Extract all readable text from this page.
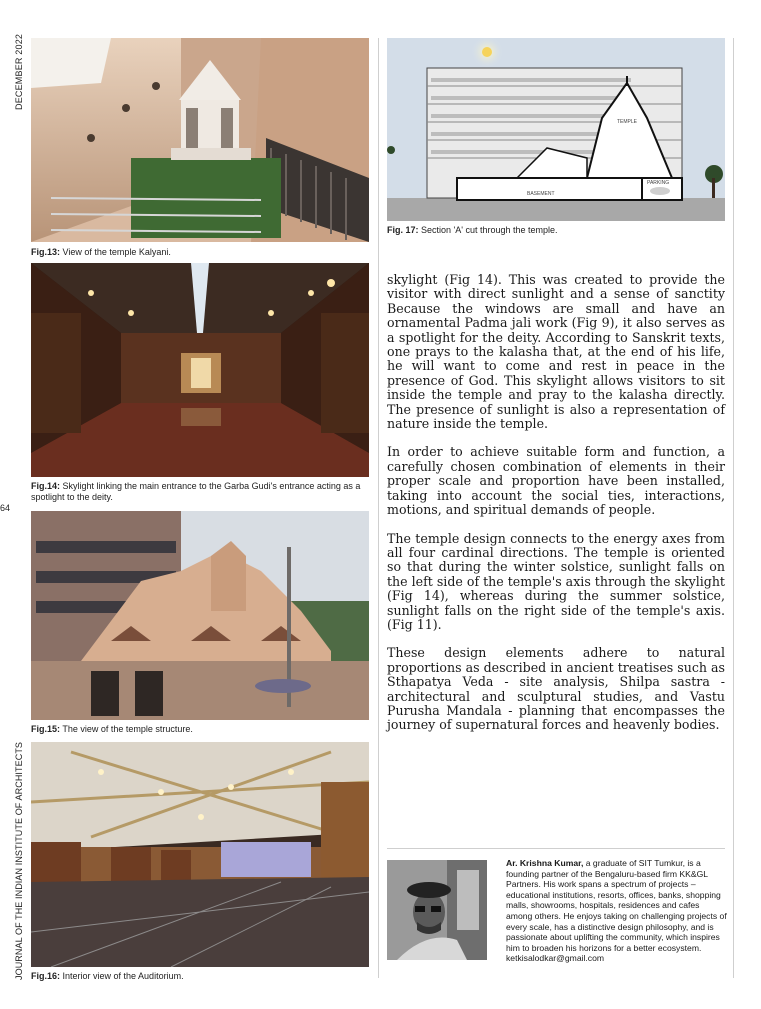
DECEMBER 2022
JOURNAL OF THE INDIAN INSTITUTE OF ARCHITECTS
64
Fig.13: View of the temple Kalyani.
Fig.14: Skylight linking the main entrance to the Garba Gudi's entrance acting as a spotlight to the deity.
Fig.15: The view of the temple structure.
Fig.16: Interior view of the Auditorium.
TEMPLE
BASEMENT
PARKING
Fig. 17: Section 'A' cut through the temple.

skylight (Fig 14). This was created to provide the visitor with direct sunlight and a sense of sanctity Because the windows are small and have an ornamental Padma jali work (Fig 9), it also serves as a spotlight for the deity. According to Sanskrit texts, one prays to the kalasha that, at the end of his life, he will want to come and rest in peace in the presence of God. This skylight allows visitors to sit inside the temple and pray to the kalasha directly. The presence of sunlight is also a representation of nature inside the temple.

In order to achieve suitable form and function, a carefully chosen combination of elements in their proper scale and proportion have been installed, taking into account the social ties, interactions, motions, and spiritual demands of people.

The temple design connects to the energy axes from all four cardinal directions. The temple is oriented so that during the winter solstice, sunlight falls on the left side of the temple's axis through the skylight (Fig 14), whereas during the summer solstice, sunlight falls on the right side of the temple's axis. (Fig 11).

These design elements adhere to natural proportions as described in ancient treatises such as Sthapatya Veda - site analysis, Shilpa sastra - architectural and sculptural studies, and Vastu Purusha Mandala - planning that encompasses the journey of supernatural forces and heavenly bodies.

Ar. Krishna Kumar, a graduate of SIT Tumkur, is a founding partner of the Bengaluru-based firm KK&GL Partners. His work spans a spectrum of projects – educational institutions, resorts, offices, banks, shopping malls, showrooms, hospitals, residences and cafes among others. He enjoys taking on challenging projects of every scale, has a distinctive design philosophy, and is passionate about uplifting the community, which inspires him to broaden his horizons for a better ecosystem.
ketkisalodkar@gmail.com
